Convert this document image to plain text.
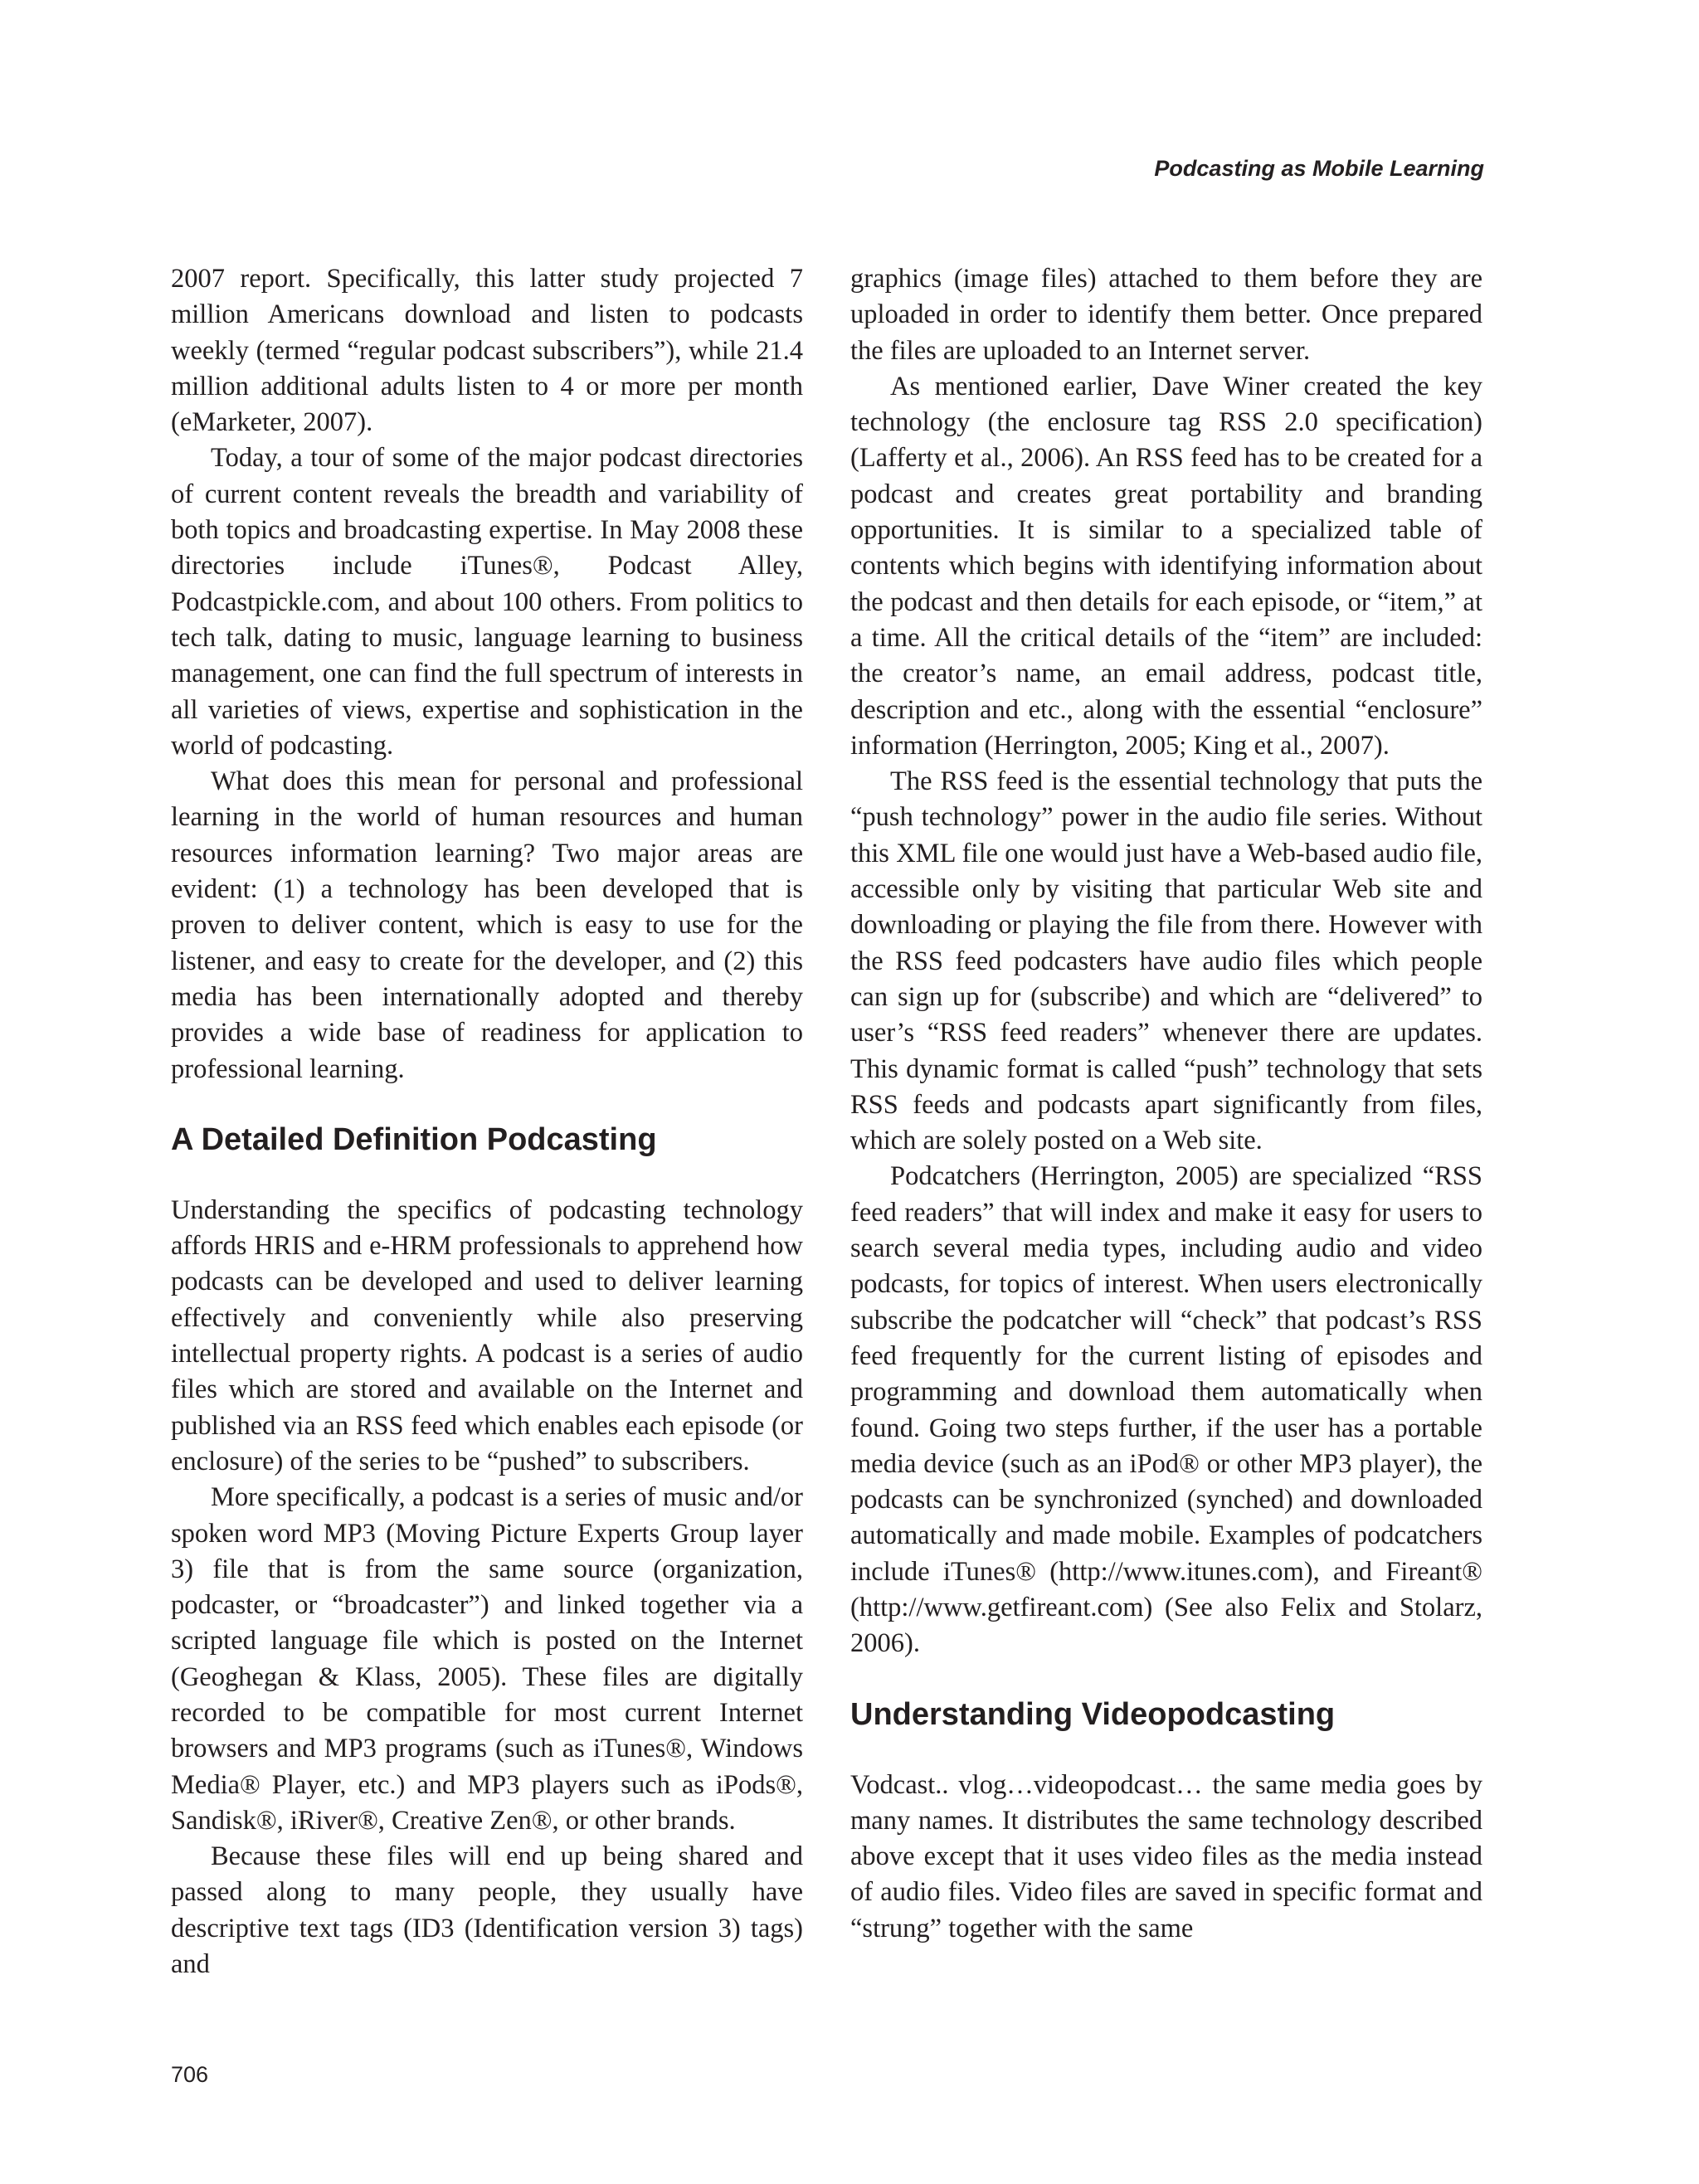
Podcasting as Mobile Learning

2007 report. Specifically, this latter study projected 7 million Americans download and listen to podcasts weekly (termed “regular podcast subscribers”), while 21.4 million additional adults listen to 4 or more per month (eMarketer, 2007).

Today, a tour of some of the major podcast directories of current content reveals the breadth and variability of both topics and broadcasting expertise. In May 2008 these directories include iTunes®, Podcast Alley, Podcastpickle.com, and about 100 others. From politics to tech talk, dating to music, language learning to business management, one can find the full spectrum of interests in all varieties of views, expertise and sophistication in the world of podcasting.

What does this mean for personal and professional learning in the world of human resources and human resources information learning? Two major areas are evident: (1) a technology has been developed that is proven to deliver content, which is easy to use for the listener, and easy to create for the developer, and (2) this media has been internationally adopted and thereby provides a wide base of readiness for application to professional learning.

A Detailed Definition Podcasting

Understanding the specifics of podcasting technology affords HRIS and e-HRM professionals to apprehend how podcasts can be developed and used to deliver learning effectively and conveniently while also preserving intellectual property rights. A podcast is a series of audio files which are stored and available on the Internet and published via an RSS feed which enables each episode (or enclosure) of the series to be “pushed” to subscribers.

More specifically, a podcast is a series of music and/or spoken word MP3 (Moving Picture Experts Group layer 3) file that is from the same source (organization, podcaster, or “broadcaster”) and linked together via a scripted language file which is posted on the Internet (Geoghegan & Klass, 2005). These files are digitally recorded to be compatible for most current Internet browsers and MP3 programs (such as iTunes®, Windows Media® Player, etc.) and MP3 players such as iPods®, Sandisk®, iRiver®, Creative Zen®, or other brands.

Because these files will end up being shared and passed along to many people, they usually have descriptive text tags (ID3 (Identification version 3) tags) and

graphics (image files) attached to them before they are uploaded in order to identify them better. Once prepared the files are uploaded to an Internet server.

As mentioned earlier, Dave Winer created the key technology (the enclosure tag RSS 2.0 specification) (Lafferty et al., 2006). An RSS feed has to be created for a podcast and creates great portability and branding opportunities. It is similar to a specialized table of contents which begins with identifying information about the podcast and then details for each episode, or “item,” at a time. All the critical details of the “item” are included: the creator’s name, an email address, podcast title, description and etc., along with the essential “enclosure” information (Herrington, 2005; King et al., 2007).

The RSS feed is the essential technology that puts the “push technology” power in the audio file series. Without this XML file one would just have a Web-based audio file, accessible only by visiting that particular Web site and downloading or playing the file from there. However with the RSS feed podcasters have audio files which people can sign up for (subscribe) and which are “delivered” to user’s “RSS feed readers” whenever there are updates. This dynamic format is called “push” technology that sets RSS feeds and podcasts apart significantly from files, which are solely posted on a Web site.

Podcatchers (Herrington, 2005) are specialized “RSS feed readers” that will index and make it easy for users to search several media types, including audio and video podcasts, for topics of interest. When users electronically subscribe the podcatcher will “check” that podcast’s RSS feed frequently for the current listing of episodes and programming and download them automatically when found. Going two steps further, if the user has a portable media device (such as an iPod® or other MP3 player), the podcasts can be synchronized (synched) and downloaded automatically and made mobile. Examples of podcatchers include iTunes® (http://www.itunes.com), and Fireant® (http://www.getfireant.com) (See also Felix and Stolarz, 2006).

Understanding Videopodcasting

Vodcast.. vlog…videopodcast… the same media goes by many names. It distributes the same technology described above except that it uses video files as the media instead of audio files. Video files are saved in specific format and “strung” together with the same

706
